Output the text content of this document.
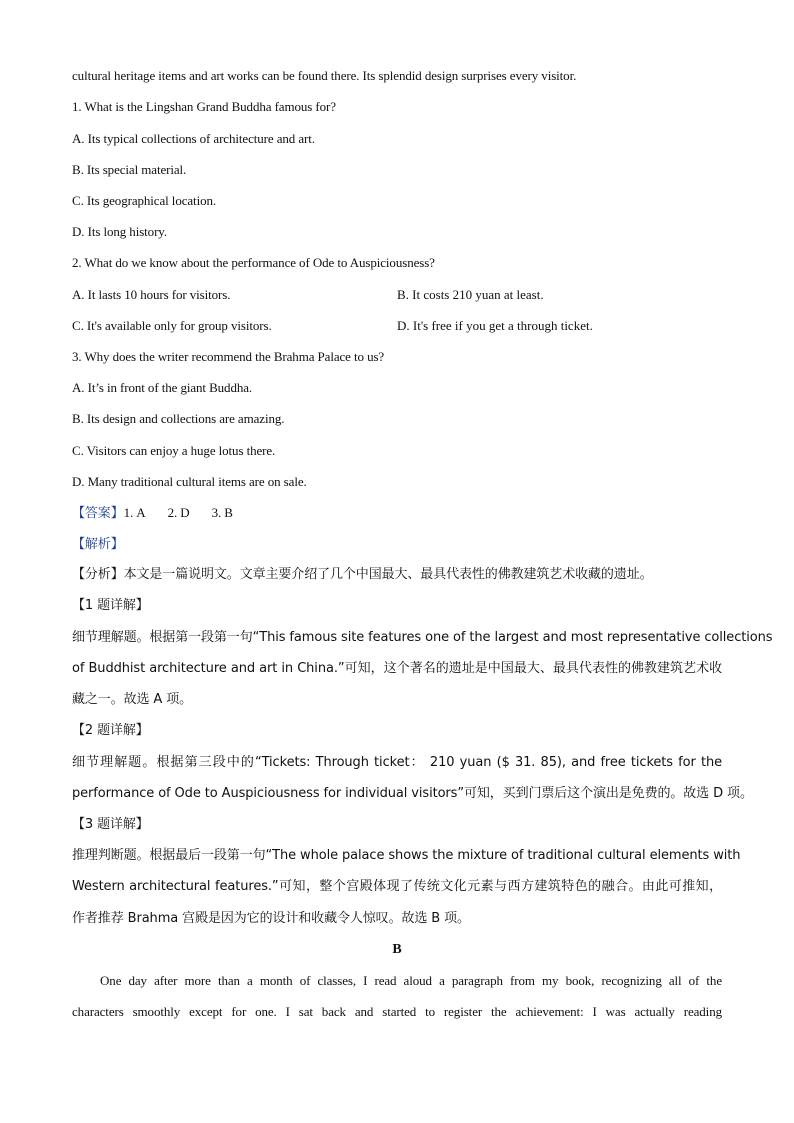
cultural heritage items and art works can be found there. Its splendid design surprises every visitor.
1. What is the Lingshan Grand Buddha famous for?
A. Its typical collections of architecture and art.
B. Its special material.
C. Its geographical location.
D. Its long history.
2. What do we know about the performance of Ode to Auspiciousness?
A. It lasts 10 hours for visitors.	B. It costs 210 yuan at least.
C. It's available only for group visitors.	D. It's free if you get a through ticket.
3. Why does the writer recommend the Brahma Palace to us?
A. It’s in front of the giant Buddha.
B. Its design and collections are amazing.
C. Visitors can enjoy a huge lotus there.
D. Many traditional cultural items are on sale.
【答案】1. A 2. D 3. B
【解析】
【分析】本文是一篇说明文。文章主要介绍了几个中国最大、最具代表性的佛教建筑艺术收藏的遗址。
【1 题详解】
细节理解题。根据第一段第一句“This famous site features one of the largest and most representative collections
of Buddhist architecture and art in China.”可知，这个著名的遗址是中国最大、最具代表性的佛教建筑艺术收
藏之一。故选 A 项。
【2 题详解】
细节理解题。根据第三段中的“Tickets: Through ticket： 210 yuan ($ 31. 85), and free tickets for the
performance of Ode to Auspiciousness for individual visitors”可知，买到门票后这个演出是免费的。故选 D 项。
【3 题详解】
推理判断题。根据最后一段第一句“The whole palace shows the mixture of traditional cultural elements with
Western architectural features.”可知，整个宫殿体现了传统文化元素与西方建筑特色的融合。由此可推知，
作者推荐 Brahma 宫殿是因为它的设计和收藏令人惊叹。故选 B 项。
B
One day after more than a month of classes, I read aloud a paragraph from my book, recognizing all of the
characters smoothly except for one. I sat back and started to register the achievement: I was actually reading
